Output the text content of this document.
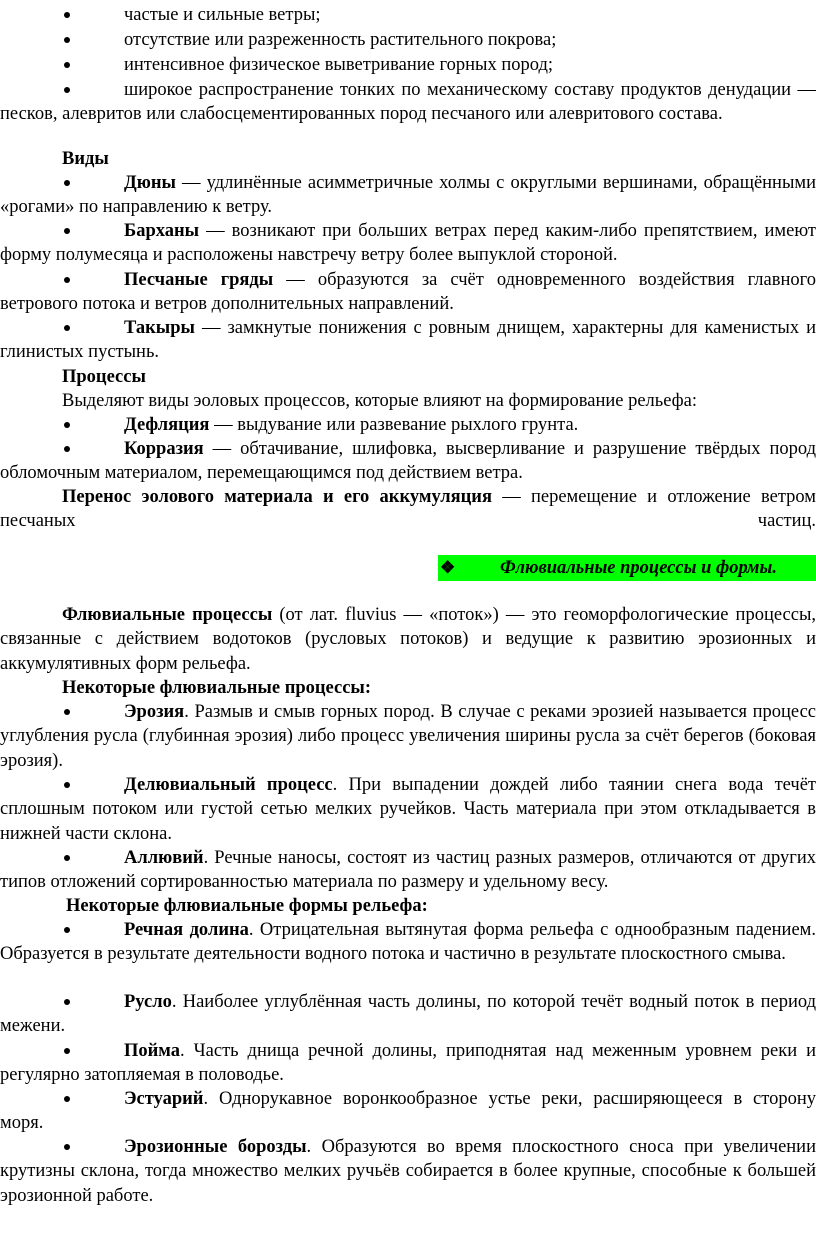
частые и сильные ветры;

отсутствие или разреженность растительного покрова;

интенсивное физическое выветривание горных пород;

широкое распространение тонких по механическому составу продуктов денудации — песков, алевритов или слабосцементированных пород песчаного или алевритового состава.

Виды

Дюны — удлинённые асимметричные холмы с округлыми вершинами, обращёнными «рогами» по направлению к ветру.

Барханы — возникают при больших ветрах перед каким-либо препятствием, имеют форму полумесяца и расположены навстречу ветру более выпуклой стороной.

Песчаные гряды — образуются за счёт одновременного воздействия главного ветрового потока и ветров дополнительных направлений.

Такыры — замкнутые понижения с ровным днищем, характерны для каменистых и глинистых пустынь.

Процессы

Выделяют виды эоловых процессов, которые влияют на формирование рельефа:

Дефляция — выдувание или развевание рыхлого грунта.

Корразия — обтачивание, шлифовка, высверливание и разрушение твёрдых пород обломочным материалом, перемещающимся под действием ветра.

Перенос эолового материала и его аккумуляция — перемещение и отложение ветром песчаных частиц.

❖ Флювиальные процессы и формы.

Флювиальные процессы (от лат. fluvius — «поток») — это геоморфологические процессы, связанные с действием водотоков (русловых потоков) и ведущие к развитию эрозионных и аккумулятивных форм рельефа.

Некоторые флювиальные процессы:

Эрозия. Размыв и смыв горных пород. В случае с реками эрозией называется процесс углубления русла (глубинная эрозия) либо процесс увеличения ширины русла за счёт берегов (боковая эрозия).

Делювиальный процесс. При выпадении дождей либо таянии снега вода течёт сплошным потоком или густой сетью мелких ручейков. Часть материала при этом откладывается в нижней части склона.

Аллювий. Речные наносы, состоят из частиц разных размеров, отличаются от других типов отложений сортированностью материала по размеру и удельному весу.

Некоторые флювиальные формы рельефа:

Речная долина. Отрицательная вытянутая форма рельефа с однообразным падением. Образуется в результате деятельности водного потока и частично в результате плоскостного смыва.

Русло. Наиболее углублённая часть долины, по которой течёт водный поток в период межени.

Пойма. Часть днища речной долины, приподнятая над меженным уровнем реки и регулярно затопляемая в половодье.

Эстуарий. Однорукавное воронкообразное устье реки, расширяющееся в сторону моря.

Эрозионные борозды. Образуются во время плоскостного сноса при увеличении крутизны склона, тогда множество мелких ручьёв собирается в более крупные, способные к большей эрозионной работе.
